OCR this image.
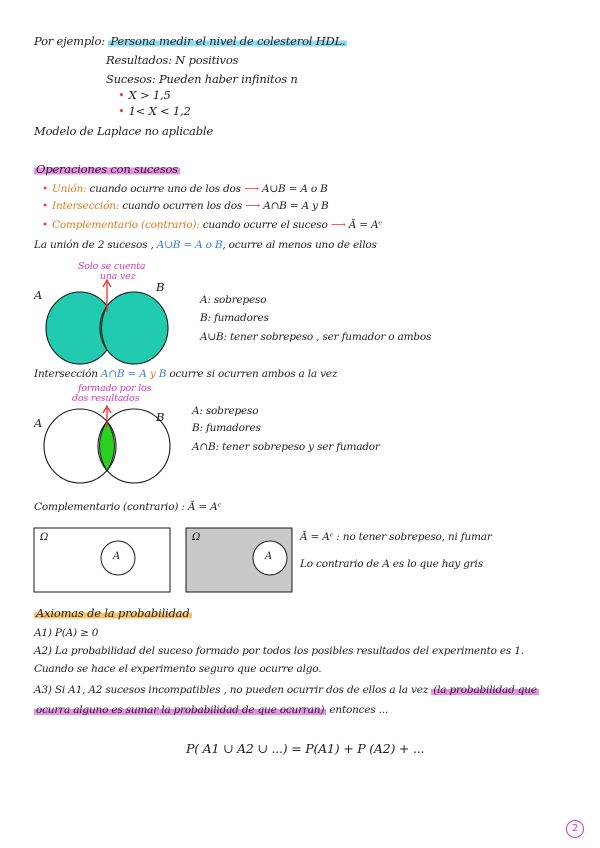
Por ejemplo: Persona medir el nivel de colesterol HDL.
Resultados: N positivos
Sucesos: Pueden haber infinitos n
• X > 1,5
• 1< X < 1,2
Modelo de Laplace no aplicable
Operaciones con sucesos
• Unión: cuando ocurre uno de los dos ⟶ A∪B = A o B
• Intersección: cuando ocurren los dos ⟶ A∩B = A y B
• Complementario (contrario): cuando ocurre el suceso ⟶ Ā = Aᶜ
La unión de 2 sucesos , A∪B = A o B, ocurre al menos uno de ellos
Solo se cuenta
una vez
A
B
A: sobrepeso
B: fumadores
A∪B: tener sobrepeso , ser fumador o ambos
Intersección A∩B = A y B ocurre si ocurren ambos a la vez
formado por los
dos resultados
A	B	A: sobrepeso
B: fumadores
A∩B: tener sobrepeso y ser fumador
Complementario (contrario) : Ā = Aᶜ
Ω
A
Ω
A
Ā = Aᶜ : no tener sobrepeso, ni fumar
Lo contrario de A es lo que hay gris
Axiomas de la probabilidad
A1) P(A) ≥ 0
A2) La probabilidad del suceso formado por todos los posibles resultados del experimento es 1.
Cuando se hace el experimento seguro que ocurre algo.
A3) Si A1, A2 sucesos incompatibles , no pueden ocurrir dos de ellos a la vez (la probabilidad que
ocurra alguno es sumar la probabilidad de que ocurran) entonces ...
P( A1 ∪ A2 ∪ ...) = P(A1) + P (A2) + ...
2
